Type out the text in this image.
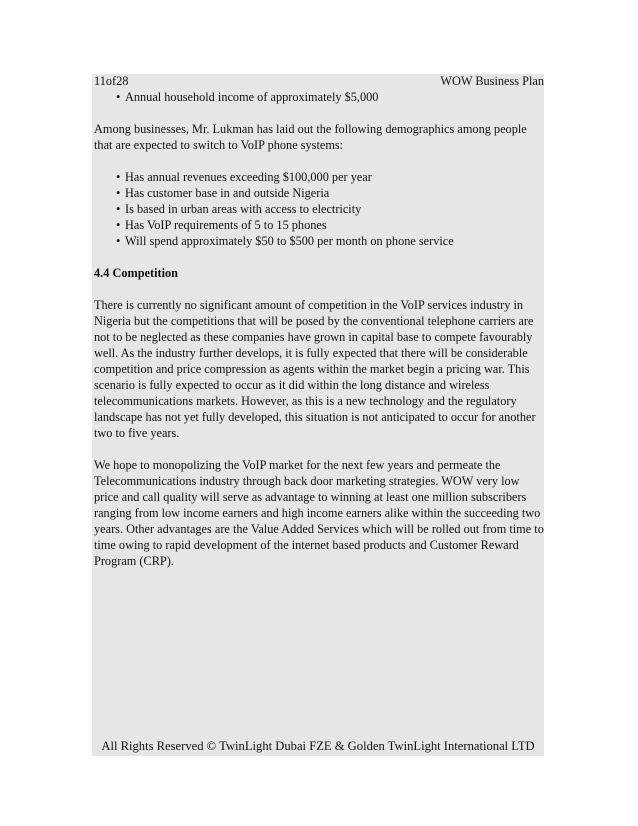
11of28	WOW Business Plan
• Annual household income of approximately $5,000

Among businesses, Mr. Lukman has laid out the following demographics among people that are expected to switch to VoIP phone systems:

• Has annual revenues exceeding $100,000 per year
• Has customer base in and outside Nigeria
• Is based in urban areas with access to electricity
• Has VoIP requirements of 5 to 15 phones
• Will spend approximately $50 to $500 per month on phone service

4.4 Competition

There is currently no significant amount of competition in the VoIP services industry in Nigeria but the competitions that will be posed by the conventional telephone carriers are not to be neglected as these companies have grown in capital base to compete favourably well. As the industry further develops, it is fully expected that there will be considerable competition and price compression as agents within the market begin a pricing war. This scenario is fully expected to occur as it did within the long distance and wireless telecommunications markets. However, as this is a new technology and the regulatory landscape has not yet fully developed, this situation is not anticipated to occur for another two to five years.

We hope to monopolizing the VoIP market for the next few years and permeate the Telecommunications industry through back door marketing strategies. WOW very low price and call quality will serve as advantage to winning at least one million subscribers ranging from low income earners and high income earners alike within the succeeding two years. Other advantages are the Value Added Services which will be rolled out from time to time owing to rapid development of the internet based products and Customer Reward Program (CRP).

All Rights Reserved © TwinLight Dubai FZE & Golden TwinLight International LTD
